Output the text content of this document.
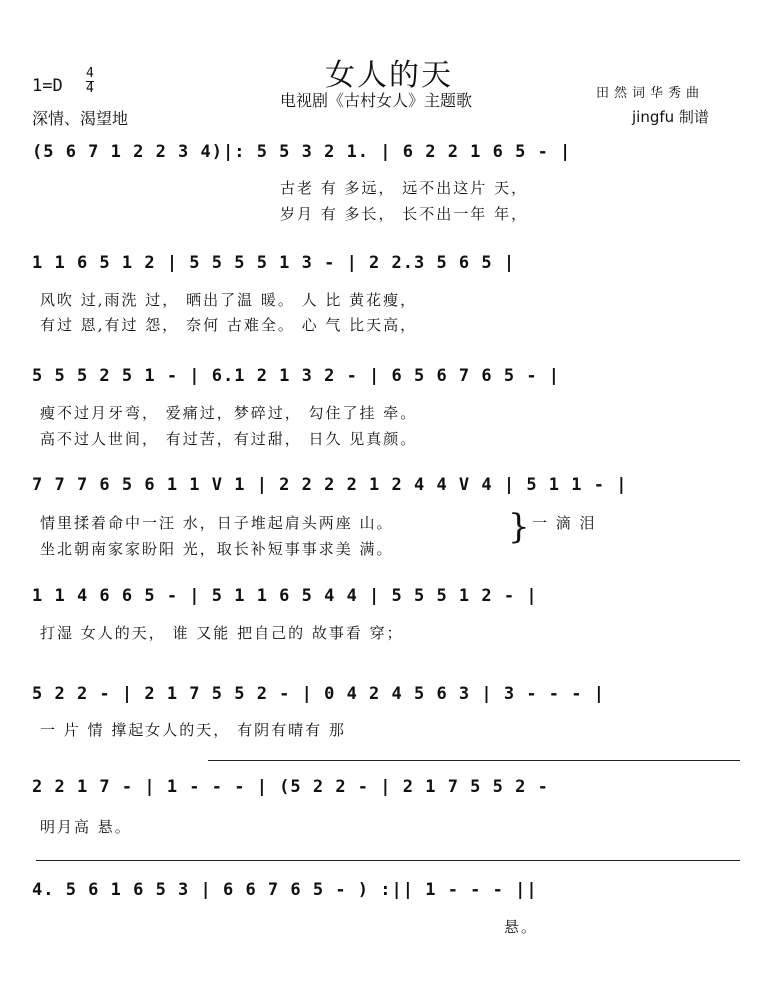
女人的天
电视剧《古村女人》主题歌
1=D
4
4
深情、渴望地
田然词华秀曲
jingfu 制谱
(5 6 7 1 2 2 3 4)|: 5 5 3 2 1. | 6 2 2 1 6 5 - |
古老 有 多远， 远不出这片 天，
岁月 有 多长， 长不出一年 年，
1 1 6 5 1 2 | 5 5 5 5 1 3 - | 2 2.3 5 6 5 |
风吹 过,雨洗 过， 晒出了温 暖。 人 比 黄花瘦，
有过 恩,有过 怨， 奈何 古难全。 心 气 比天高，
5 5 5 2 5 1 - | 6.1 2 1 3 2 - | 6 5 6 7 6 5 - |
瘦不过月牙弯， 爱痛过，梦碎过， 勾住了挂 牵。
高不过人世间， 有过苦，有过甜， 日久 见真颜。
7 7 7 6 5 6 1 1 V 1 | 2 2 2 2 1 2 4 4 V 4 | 5 1 1 - |
情里揉着命中一汪 水，日子堆起肩头两座 山。
坐北朝南家家盼阳 光，取长补短事事求美 满。
} 一 滴 泪
1 1 4 6 6 5 - | 5 1 1 6 5 4 4 | 5 5 5 1 2 - |
打湿 女人的天， 谁 又能 把自己的 故事看 穿；
5 2 2 - | 2 1 7 5 5 2 - | 0 4 2 4 5 6 3 | 3 - - - |
一 片 情 撑起女人的天， 有阴有晴有 那
2 2 1 7 - | 1 - - - | (5 2 2 - | 2 1 7 5 5 2 -
明月高 悬。
4. 5 6 1 6 5 3 | 6 6 7 6 5 - ) :|| 1 - - - ||
悬。
